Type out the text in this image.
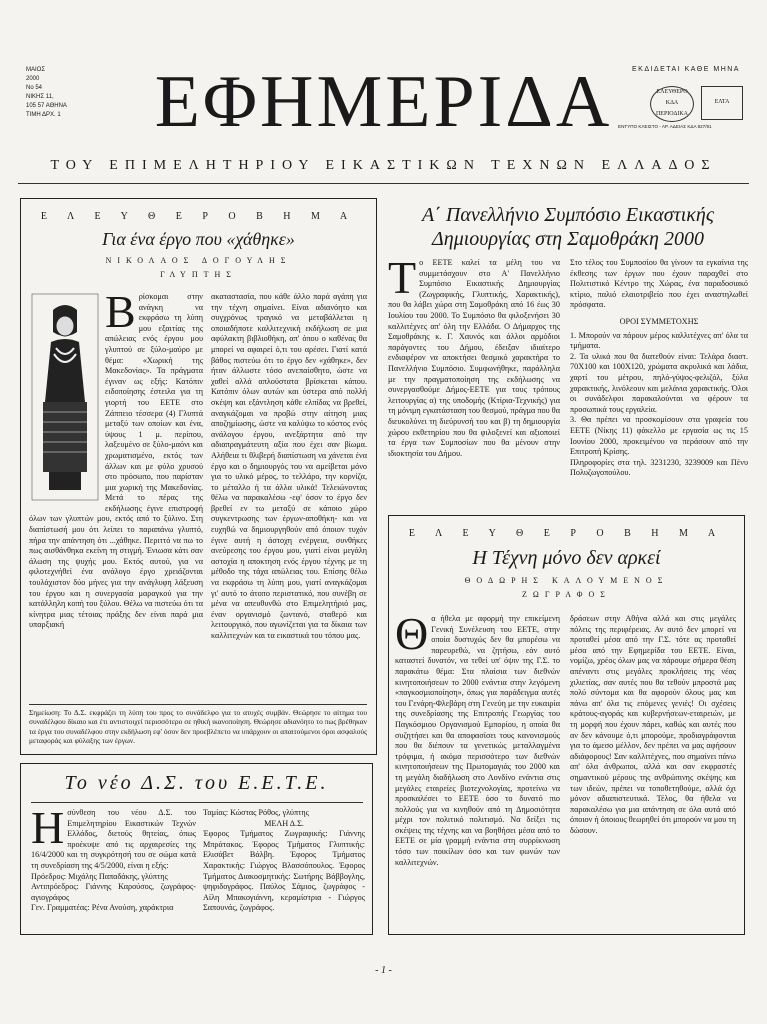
ΜΑΙΟΣ
2000
No 54
ΝΙΚΗΣ 11,
105 57 ΑΘΗΝΑ
ΤΙΜΗ ΔΡΧ. 1	ΕΦΗΜΕΡΙΔΑ	ΕΚΔΙΔΕΤΑΙ ΚΑΘΕ ΜΗΝΑ
ΕΛΕΥΘΕΡΟ ΚΔΑ ΠΕΡΙΟΔΙΚΑ
ΕΛΤΑ
ΕΝΤΥΠΟ ΚΛΕΙΣΤΟ - ΑΡ. ΑΔΕΙΑΣ ΚΔΑ 827/91
ΤΟΥ ΕΠΙΜΕΛΗΤΗΡΙΟΥ ΕΙΚΑΣΤΙΚΩΝ ΤΕΧΝΩΝ ΕΛΛΑΔΟΣ
Ε Λ Ε Υ Θ Ε Ρ Ο Β Η Μ Α
Για ένα έργο που «χάθηκε»
ΝΙΚΟΛΑΟΣ ΔΟΓΟΥΛΗΣ
ΓΛΥΠΤΗΣ
Β ρίσκομαι στην ανάγκη να εκφράσω τη λύπη μου εξαιτίας της απώλειας ενός έργου μου γλυπτού σε ξύλο-μαύρο με θέμα: «Χωρική της Μακεδονίας». Τα πράγματα έγιναν ως εξής: Κατόπιν ειδοποίησης έστειλα για τη γιορτή του ΕΕΤΕ στο Ζάππειο τέσσερα (4) Γλυπτά μεταξύ των οποίων και ένα, ύψους 1 μ. περίπου, λαξευμένο σε ξύλο-μαόνι και χρωματισμένο, εκτός των άλλων και με φύλο χρυσού στο πρόσωπο, που παρίσταν μια χωρική της Μακεδονίας. Μετά το πέρας της εκδήλωσης έγινε επιστροφή όλων των γλυπτών μου, εκτός από το ξύλινο. Στη διαπίστωσή μου ότι λείπει το παραπάνω γλυπτό, πήρα την απάντηση ότι ...χάθηκε. Περιττό να πω το πως αισθάνθηκα εκείνη τη στιγμή. Ένιωσα κάτι σαν άλωση της ψυχής μου. Εκτός αυτού, για να φιλοτεχνήθεί ένα ανάλογο έργο χρειάζονται τουλάχιστον δύο μήνες για την ανάγλυφη λάξευση του έργου και η συνεργασία μαραγκού για την κατάλληλη κοπή του ξύλου. Θέλω να πιστεύω ότι τα κίνητρα μιας τέτοιας πράξης δεν είναι παρά μια υπαρξιακή

ακαταστασία, που κάθε άλλο παρά αγάπη για την τέχνη σημαίνει. Είναι αδιανόητο και συγχρόνως τραγικό να μεταβάλλεται η οποιαδήποτε καλλιτεχνική εκδήλωση σε μια αφύλακτη βιβλιοθήκη, απ' όπου ο καθένας θα μπορεί να αφαιρεί ό,τι του αρέσει. Γιατί κατά βάθος πιστεύω ότι το έργο δεν «χάθηκε», δεν ήταν άλλωστε τόσο ανεπαίσθητο, ώστε να χαθεί αλλά απλούστατα βρίσκεται κάπου. Κατόπιν όλων αυτών και ύστερα από πολλή σκέψη και εξάντληση κάθε ελπίδας να βρεθεί, αναγκάζομαι να προβώ στην αίτηση μιας αποζημίωσης, ώστε να καλύψω το κόστος ενός ανάλογου έργου, ανεξάρτητα από την αδιαπραγμάτευτη αξία που έχει σαν βίωμα. Αλήθεια τι θλιβερή διαπίστωση να χάνεται ένα έργο και ο δημιουργός του να αμείβεται μόνο για το υλικό μέρος, το τελλάρο, την κορνίζα, το μέταλλο ή τα άλλα υλικά! Τελειώνοντας θέλω να παρακαλέσω -εφ' όσον το έργο δεν βρεθεί εν τω μεταξύ σε κάποιο χώρο συγκεντρωσης των έργων-αποθήκη- και να ευχηθώ να δημιουργηθούν από όποιον τυχόν έγινε αυτή η άστοχη ενέργεια, συνθήκες ανεύρεσης του έργου μου, γιατί είναι μεγάλη αστοχία η αποκτηση ενός έργου τέχνης με τη μέθοδο της τάχα απώλειας του. Επίσης θέλω να εκφράσω τη λύπη μου, γιατί αναγκάζομαι γι' αυτό το άτοπο περιστατικό, που συνέβη σε μένα να απευθυνθώ στο Επιμελητήριό μας, έναν οργανισμό ζωντανό, σταθερό και λειτουργικό, που αγωνίζεται για τα δίκαια των καλλιτεχνών και τα εικαστικά του τόπου μας.
Σημείωση: Το Δ.Σ. εκφράζει τη λύπη του προς το συνάδελφο για το ατυχές συμβάν. Θεώρησε το αίτημα του συναδέλφου δίκαιο και έτι αντιστοιχεί περισσότερο σε ηθική ικανοποίηση. Θεώρησε αδιανόητο το πως βρέθηκαν τα έργα του συναδέλφου στην εκδήλωση εφ' όσον δεν προεβλέπετο να υπάρχουν οι απαιτούμενοι όροι ασφαλούς μεταφοράς και φύλαξης των έργων.
Α΄ Πανελλήνιο Συμπόσιο Εικαστικής Δημιουργίας στη Σαμοθράκη 2000
Τ ο ΕΕΤΕ καλεί τα μέλη του να συμμετάσχουν στο Α' Πανελλήνιο Συμπόσιο Εικαστικής Δημιουργίας (Ζωγραφικής, Γλυπτικής, Χαρακτικής), που θα λάβει χώρα στη Σαμοθράκη από 16 έως 30 Ιουλίου του 2000. Το Συμπόσιο θα φιλοξενήσει 30 καλλιτέχνες απ' όλη την Ελλάδα. Ο Δήμαρχος της Σαμοθράκης κ. Γ. Χαυνός και άλλοι αρμόδιοι παράγοντες του Δήμου, έδειξαν ιδιαίτερο ενδιαφέρον να αποκτήσει θεσμικό χαρακτήρα το Πανελλήνιο Συμπόσιο. Συμφωνήθηκε, παράλληλα με την πραγματοποίηση της εκδήλωσης να συνεργασθούμε Δήμος-ΕΕΤΕ για τους τρόπους λειτουργίας α) της υποδομής (Κτίρια-Τεχνικής) για τη μόνιμη εγκατάσταση του θεσμού, πράγμα που θα διευκολύνει τη διεύρυνσή του και β) τη δημιουργία χώρου εκθετηρίου που θα φιλοξενεί και αξιοποιεί τα έργα των Συμποσίων που θα μένουν στην ιδιοκτησία του Δήμου.

Στο τέλος του Συμποσίου θα γίνουν τα εγκαίνια της έκθεσης των έργων που έχουν παραχθεί στο Πολιτιστικό Κέντρο της Χώρας, ένα παραδοσιακό κτίριο, παλιό ελαιοτριβείο που έχει αναστηλωθεί πρόσφατα.

ΟΡΟΙ ΣΥΜΜΕΤΟΧΗΣ

1. Μπορούν να πάρουν μέρος καλλιτέχνες απ' όλα τα τμήματα.

2. Τα υλικά που θα διατεθούν είναι: Τελάρα διαστ. 70Χ100 και 100Χ120, χρώματα ακρυλικά και λάδια, χαρτί του μέτρου, πηλό-γύψος-φελιζόλ, ξύλα χαρακτικής, λινόλεουν και μελάνια χαρακτικής. Όλοι οι συνάδελφοι παρακαλούνται να φέρουν τα προσωπικά τους εργαλεία.

3. Θα πρέπει να προσκομίσουν στα γραφεία του ΕΕΤΕ (Νίκης 11) φάκελλο με εργασία ως τις 15 Ιουνίου 2000, προκειμένου να περάσουν από την Επιτροπή Κρίσης.

Πληροφορίες στα τηλ. 3231230, 3239009 και Πένυ Πολυζωγοπούλου.

Ε Λ Ε Υ Θ Ε Ρ Ο Β Η Μ Α
Η Τέχνη μόνο δεν αρκεί
ΘΟΔΩΡΗΣ ΚΑΛΟΥΜΕΝΟΣ
ΖΩΓΡΑΦΟΣ
Θ α ήθελα με αφορμή την επικείμενη Γενική Συνέλευση του ΕΕΤΕ, στην οποία δυστυχώς δεν θα μπορέσω να παρευρεθώ, να ζητήσω, εάν αυτό καταστεί δυνατόν, να τεθεί υπ' όψιν της Γ.Σ. το παρακάτω θέμα: Στα πλαίσια των διεθνών κινητοποιήσεων το 2000 ενάντια στην λεγόμενη «παγκοσμιοποίηση», όπως για παράδειγμα αυτές του Γενάρη-Φλεβάρη στη Γενεύη με την ευκαιρία της συνεδρίασης της Επιτροπής Γεωργίας του Παγκόσμιου Οργανισμού Εμπορίου, η οποία θα συζητήσει και θα αποφασίσει τους κανονισμούς που θα διέπουν τα γενετικώς μεταλλαγμένα τρόφιμα, ή ακόμα περισσότερο των διεθνών κινητοποιήσεων της Πρωτομαγιάς του 2000 και τη μεγάλη διαδήλωση στο Λονδίνο ενάντια στις μεγάλες εταιρείες βιοτεχνολογίας, προτείνω να προσκαλέσει το ΕΕΤΕ όσο το δυνατό πιο πολλούς για να κινηθούν από τη Δημοσιότητα μέχρι τον πολιτικό πολιτισμό. Να δείξει τις σκέψεις της τέχνης και να βοηθήσει μέσα από το ΕΕΤΕ σε μία γραμμή ενάντια στη συρρίκνωση τόσο των ποικίλων όσο και των φωνών των καλλιτεχνών.

δράσεων στην Αθήνα αλλά και στις μεγάλες πόλεις της περιφέρειας. Αν αυτό δεν μπορεί να προταθεί μέσα από την Γ.Σ. τότε ας προταθεί μέσα από την Εφημερίδα του ΕΕΤΕ. Είναι, νομίζω, χρέος όλων μας να πάρουμε σήμερα θέση απέναντι στις μεγάλες προκλήσεις της νέας χιλιετίας, σαν αυτές που θα τεθούν μπροστά μας πολύ σύντομα και θα αφορούν όλους μας και πάνω απ' όλα τις επόμενες γενιές! Οι σχέσεις κράτους-αγοράς και κυβερνήσεων-εταιρειών, με τη μορφή που έχουν πάρει, καθώς και αυτές που αν δεν κάνουμε ό,τι μπορούμε, προδιαγράφονται για το άμεσο μέλλον, δεν πρέπει να μας αφήσουν αδιάφορους! Σαν καλλιτέχνες, που σημαίνει πάνω απ' όλα άνθρωποι, αλλά και σαν εκφραστές σημαντικού μέρους της ανθρώπινης σκέψης και των ιδεών, πρέπει να τοποθετηθούμε, αλλά όχι μόνον αδιαπιστευτικά. Τέλος, θα ήθελα να παρακαλέσω για μια απάντηση σε όλα αυτά από όποιον ή όποιους θεωρηθεί ότι μπορούν να μου τη δώσουν.
Το νέο Δ.Σ. του Ε.Ε.Τ.Ε.
Η σύνθεση του νέου Δ.Σ. του Επιμελητηρίου Εικαστικών Τεχνών Ελλάδος, διετούς θητείας, όπως προέκυψε από τις αρχαιρεσίες της 16/4/2000 και τη συγκρότησή του σε σώμα κατά τη συνεδρίαση της 4/5/2000, είναι η εξής:

Πρόεδρος: Μιχάλης Παπαδάκης, γλύπτης

Αντιπρόεδρος: Γιάννης Καρούσος, ζωγράφος-αγιογράφος

Γεν. Γραμματέας: Ρένα Ανούση, χαράκτρια

Ταμίας: Κώστας Ρόθος, γλύπτης

ΜΕΛΗ Δ.Σ.

Έφορος Τμήματος Ζωγραφικής: Γιάννης Μπράτακος. Έφορος Τμήματος Γλυπτικής: Ελισάβετ Βάλβη. Έφορος Τμήματος Χαρακτικής: Γιώργος Βλασσόπουλος. Έφορος Τμήματος Διακοσμητικής: Σωτήρης Βάββογλης, ψηφιδογράφος. Παύλος Σάμιος, ζωγράφος - Αίλη Μπακογιάννη, κεραμίστρια - Γιώργος Σαπουνάς, ζωγράφος.

- 1 -
